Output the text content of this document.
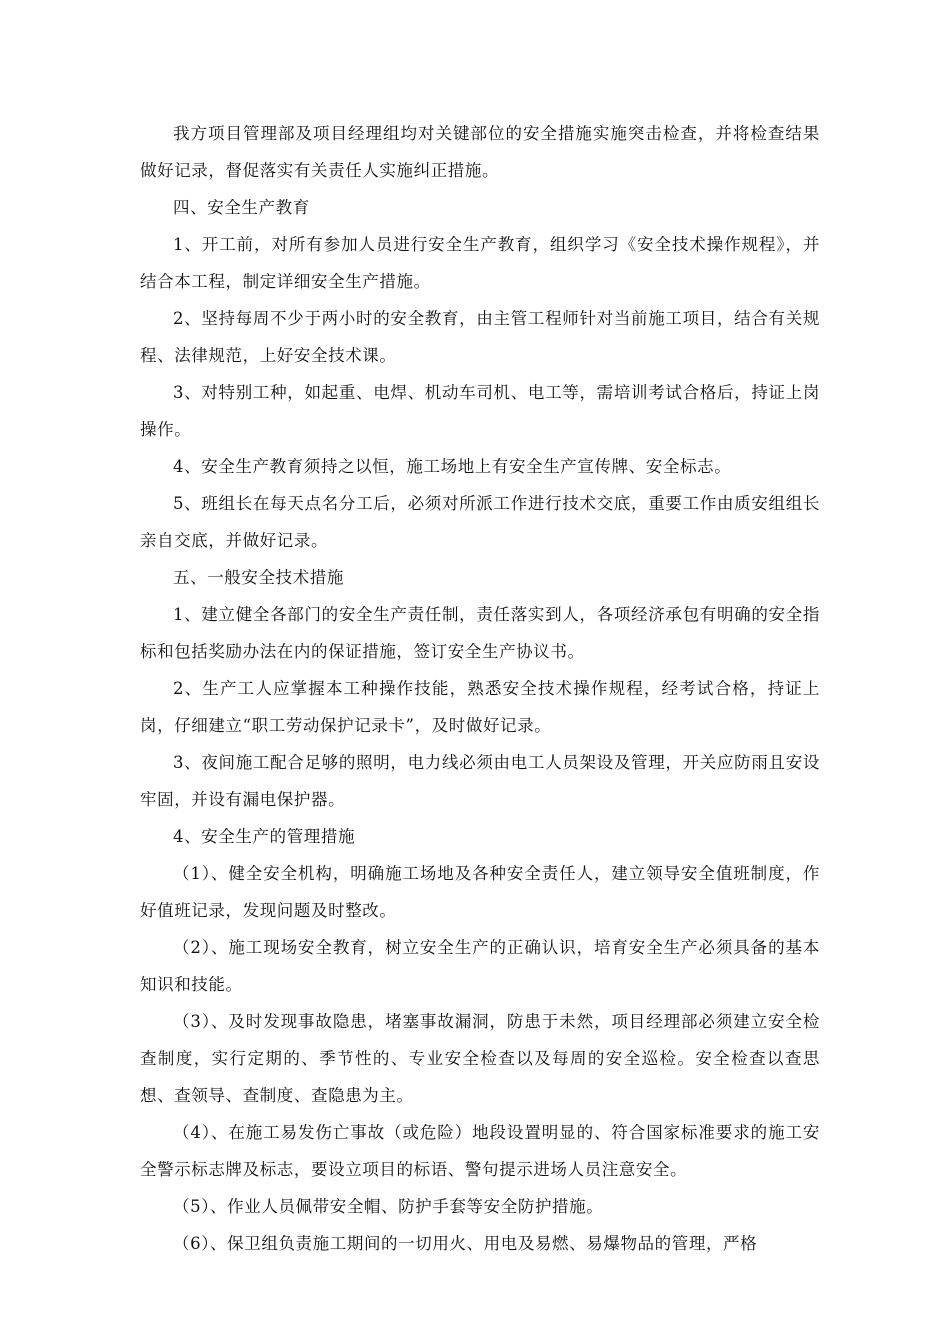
我方项目管理部及项目经理组均对关键部位的安全措施实施突击检查，并将检查结果做好记录，督促落实有关责任人实施纠正措施。

四、安全生产教育

1、开工前，对所有参加人员进行安全生产教育，组织学习《安全技术操作规程》，并结合本工程，制定详细安全生产措施。

2、坚持每周不少于两小时的安全教育，由主管工程师针对当前施工项目，结合有关规程、法律规范，上好安全技术课。

3、对特别工种，如起重、电焊、机动车司机、电工等，需培训考试合格后，持证上岗操作。

4、安全生产教育须持之以恒，施工场地上有安全生产宣传牌、安全标志。

5、班组长在每天点名分工后，必须对所派工作进行技术交底，重要工作由质安组组长亲自交底，并做好记录。

五、一般安全技术措施

1、建立健全各部门的安全生产责任制，责任落实到人，各项经济承包有明确的安全指标和包括奖励办法在内的保证措施，签订安全生产协议书。

2、生产工人应掌握本工种操作技能，熟悉安全技术操作规程，经考试合格，持证上岗，仔细建立“职工劳动保护记录卡”，及时做好记录。

3、夜间施工配合足够的照明，电力线必须由电工人员架设及管理，开关应防雨且安设牢固，并设有漏电保护器。

4、安全生产的管理措施

（1）、健全安全机构，明确施工场地及各种安全责任人，建立领导安全值班制度，作好值班记录，发现问题及时整改。

（2）、施工现场安全教育，树立安全生产的正确认识，培育安全生产必须具备的基本知识和技能。

（3）、及时发现事故隐患，堵塞事故漏洞，防患于未然，项目经理部必须建立安全检查制度，实行定期的、季节性的、专业安全检查以及每周的安全巡检。安全检查以查思想、查领导、查制度、查隐患为主。

（4）、在施工易发伤亡事故（或危险）地段设置明显的、符合国家标准要求的施工安全警示标志牌及标志，要设立项目的标语、警句提示进场人员注意安全。

（5）、作业人员佩带安全帽、防护手套等安全防护措施。

（6）、保卫组负责施工期间的一切用火、用电及易燃、易爆物品的管理，严格
